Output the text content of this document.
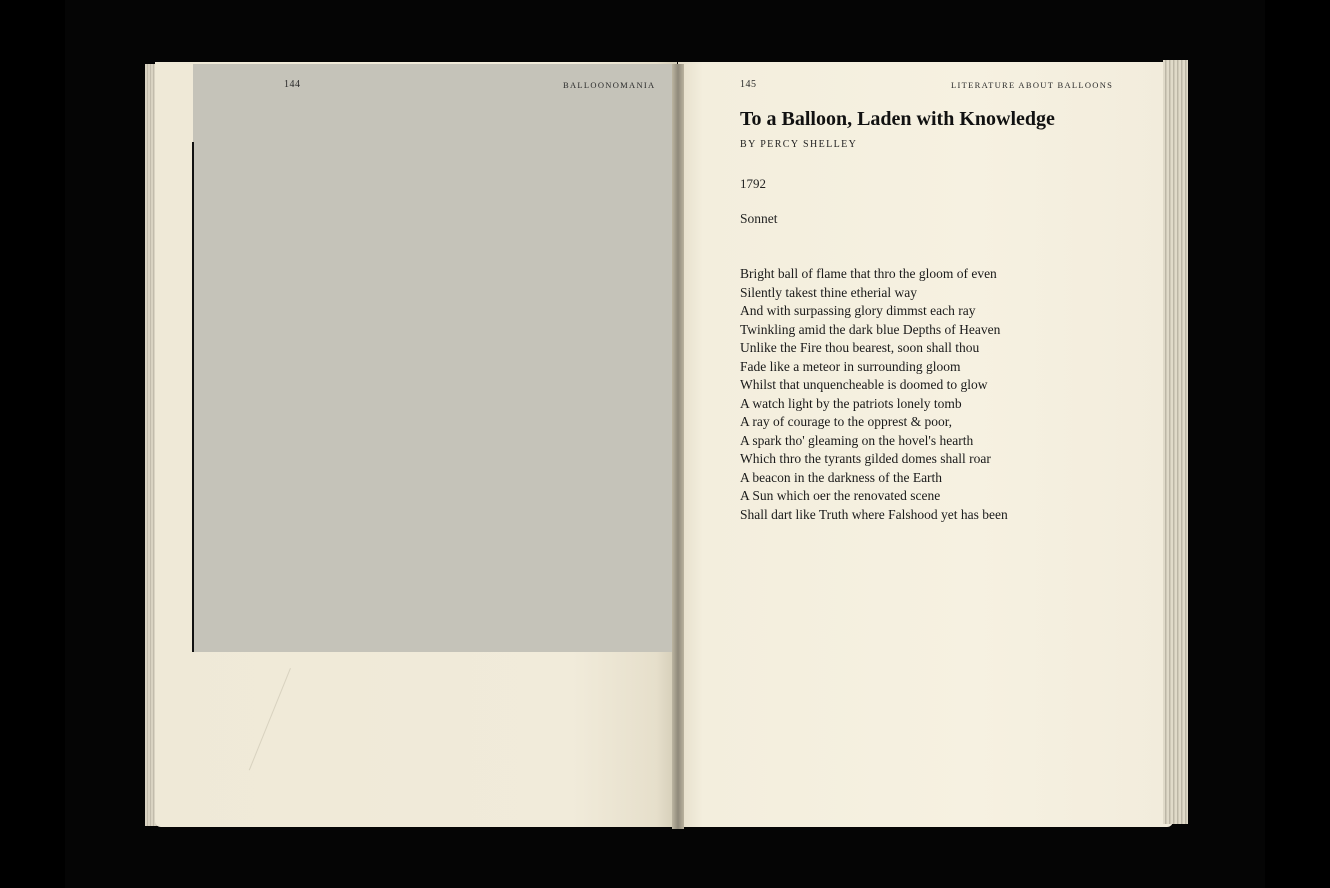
144	BALLOONOMANIA	145	LITERATURE ABOUT BALLOONS
To a Balloon, Laden with Knowledge
BY PERCY SHELLEY
1792
Sonnet
Bright ball of flame that thro the gloom of even
Silently takest thine etherial way
And with surpassing glory dimmst each ray
Twinkling amid the dark blue Depths of Heaven
Unlike the Fire thou bearest, soon shall thou
Fade like a meteor in surrounding gloom
Whilst that unquencheable is doomed to glow
A watch light by the patriots lonely tomb
A ray of courage to the opprest & poor,
A spark tho' gleaming on the hovel's hearth
Which thro the tyrants gilded domes shall roar
A beacon in the darkness of the Earth
A Sun which oer the renovated scene
Shall dart like Truth where Falshood yet has been
